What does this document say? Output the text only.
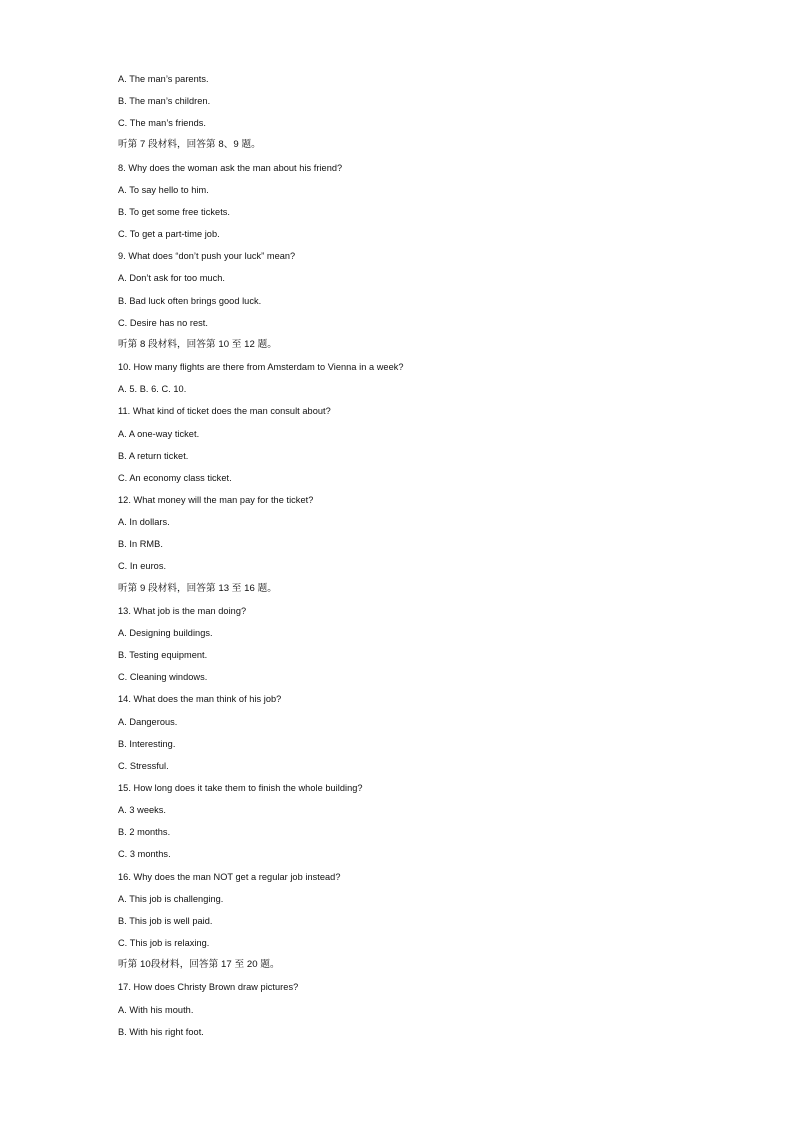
A. The man’s parents.
B. The man’s children.
C. The man’s friends.
听第 7 段材料，回答第 8、9 题。
8. Why does the woman ask the man about his friend?
A. To say hello to him.
B. To get some free tickets.
C. To get a part-time job.
9. What does “don’t push your luck” mean?
A. Don’t ask for too much.
B. Bad luck often brings good luck.
C. Desire has no rest.
听第 8 段材料，回答第 10 至 12 题。
10. How many flights are there from Amsterdam to Vienna in a week?
A. 5. B. 6. C. 10.
11. What kind of ticket does the man consult about?
A. A one-way ticket.
B. A return ticket.
C. An economy class ticket.
12. What money will the man pay for the ticket?
A. In dollars.
B. In RMB.
C. In euros.
听第 9 段材料，回答第 13 至 16 题。
13. What job is the man doing?
A. Designing buildings.
B. Testing equipment.
C. Cleaning windows.
14. What does the man think of his job?
A. Dangerous.
B. Interesting.
C. Stressful.
15. How long does it take them to finish the whole building?
A. 3 weeks.
B. 2 months.
C. 3 months.
16. Why does the man NOT get a regular job instead?
A. This job is challenging.
B. This job is well paid.
C. This job is relaxing.
听第 10段材料，回答第 17 至 20 题。
17. How does Christy Brown draw pictures?
A. With his mouth.
B. With his right foot.
